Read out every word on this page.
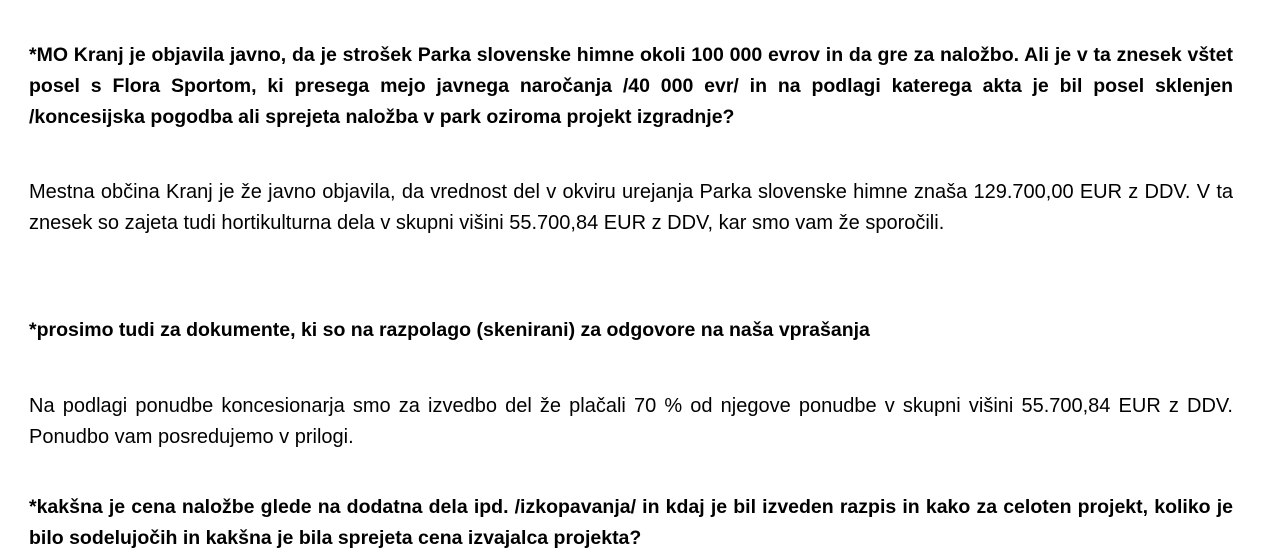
*MO Kranj je objavila javno, da je strošek Parka slovenske himne okoli 100 000 evrov in da gre za naložbo. Ali je v ta znesek vštet posel s Flora Sportom, ki presega mejo javnega naročanja /40 000 evr/ in na podlagi katerega akta je bil posel sklenjen /koncesijska pogodba ali sprejeta naložba v park oziroma projekt izgradnje?

Mestna občina Kranj je že javno objavila, da vrednost del v okviru urejanja Parka slovenske himne znaša 129.700,00 EUR z DDV. V ta znesek so zajeta tudi hortikulturna dela v skupni višini 55.700,84 EUR z DDV, kar smo vam že sporočili.

*prosimo tudi za dokumente, ki so na razpolago (skenirani) za odgovore na naša vprašanja

Na podlagi ponudbe koncesionarja smo za izvedbo del že plačali 70 % od njegove ponudbe v skupni višini 55.700,84 EUR z DDV. Ponudbo vam posredujemo v prilogi.

*kakšna je cena naložbe glede na dodatna dela ipd. /izkopavanja/ in kdaj je bil izveden razpis in kako za celoten projekt, koliko je bilo sodelujočih in kakšna je bila sprejeta cena izvajalca projekta?
